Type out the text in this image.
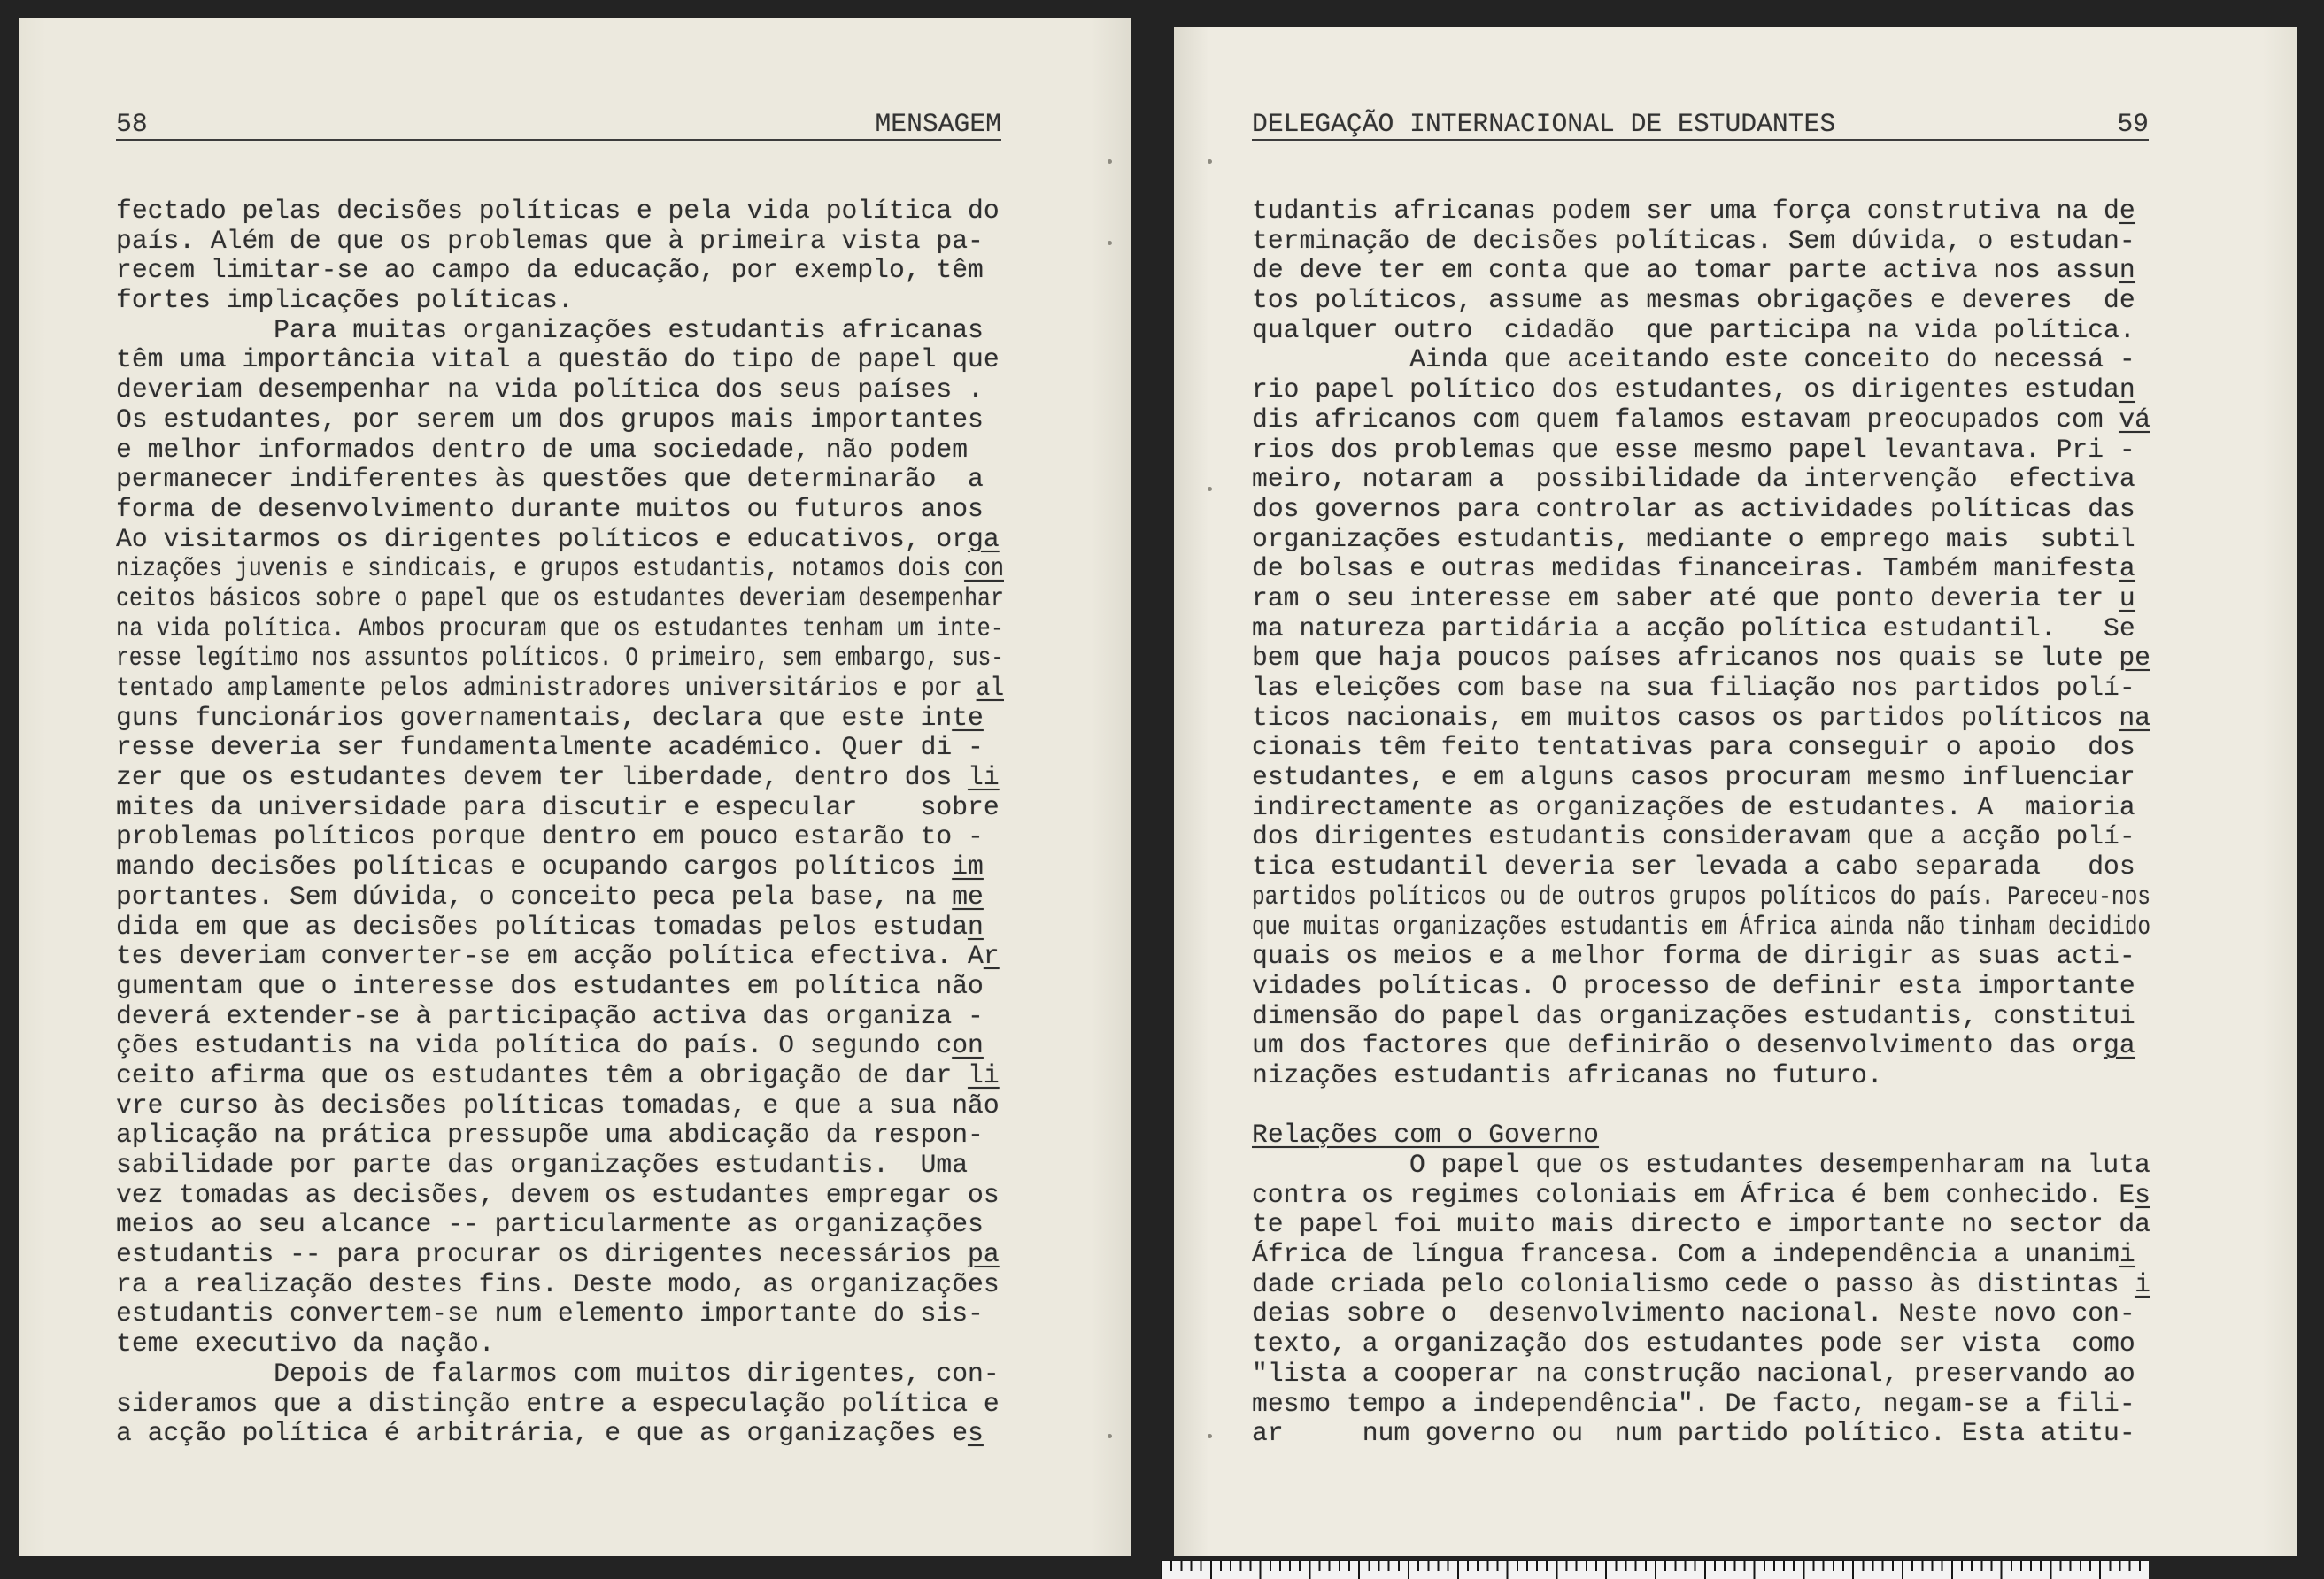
58	MENSAGEM
fectado pelas decisões políticas e pela vida política do
país. Além de que os problemas que à primeira vista pa-
recem limitar-se ao campo da educação, por exemplo, têm
fortes implicações políticas.
Para muitas organizações estudantis africanas
têm uma importância vital a questão do tipo de papel que
deveriam desempenhar na vida política dos seus países .
Os estudantes, por serem um dos grupos mais importantes
e melhor informados dentro de uma sociedade, não podem
permanecer indiferentes às questões que determinarão  a
forma de desenvolvimento durante muitos ou futuros anos
Ao visitarmos os dirigentes políticos e educativos, orga
nizações juvenis e sindicais, e grupos estudantis, notamos dois con
ceitos básicos sobre o papel que os estudantes deveriam desempenhar
na vida política. Ambos procuram que os estudantes tenham um inte-
resse legítimo nos assuntos políticos. O primeiro, sem embargo, sus-
tentado amplamente pelos administradores universitários e por al
guns funcionários governamentais, declara que este inte
resse deveria ser fundamentalmente académico. Quer di -
zer que os estudantes devem ter liberdade, dentro dos li
mites da universidade para discutir e especular    sobre
problemas políticos porque dentro em pouco estarão to -
mando decisões políticas e ocupando cargos políticos im
portantes. Sem dúvida, o conceito peca pela base, na me
dida em que as decisões políticas tomadas pelos estudan
tes deveriam converter-se em acção política efectiva. Ar
gumentam que o interesse dos estudantes em política não
deverá extender-se à participação activa das organiza -
ções estudantis na vida política do país. O segundo con
ceito afirma que os estudantes têm a obrigação de dar li
vre curso às decisões políticas tomadas, e que a sua não
aplicação na prática pressupõe uma abdicação da respon-
sabilidade por parte das organizações estudantis.  Uma
vez tomadas as decisões, devem os estudantes empregar os
meios ao seu alcance -- particularmente as organizações
estudantis -- para procurar os dirigentes necessários pa
ra a realização destes fins. Deste modo, as organizações
estudantis convertem-se num elemento importante do sis-
teme executivo da nação.
Depois de falarmos com muitos dirigentes, con-
sideramos que a distinção entre a especulação política e
a acção política é arbitrária, e que as organizações es
DELEGAÇÃO INTERNACIONAL DE ESTUDANTES	59
tudantis africanas podem ser uma força construtiva na de
terminação de decisões políticas. Sem dúvida, o estudan-
de deve ter em conta que ao tomar parte activa nos assun
tos políticos, assume as mesmas obrigações e deveres  de
qualquer outro  cidadão  que participa na vida política.
Ainda que aceitando este conceito do necessá -
rio papel político dos estudantes, os dirigentes estudan
dis africanos com quem falamos estavam preocupados com vá
rios dos problemas que esse mesmo papel levantava. Pri -
meiro, notaram a  possibilidade da intervenção  efectiva
dos governos para controlar as actividades políticas das
organizações estudantis, mediante o emprego mais  subtil
de bolsas e outras medidas financeiras. Também manifesta
ram o seu interesse em saber até que ponto deveria ter u
ma natureza partidária a acção política estudantil.   Se
bem que haja poucos países africanos nos quais se lute pe
las eleições com base na sua filiação nos partidos polí-
ticos nacionais, em muitos casos os partidos políticos na
cionais têm feito tentativas para conseguir o apoio  dos
estudantes, e em alguns casos procuram mesmo influenciar
indirectamente as organizações de estudantes. A  maioria
dos dirigentes estudantis consideravam que a acção polí-
tica estudantil deveria ser levada a cabo separada   dos
partidos políticos ou de outros grupos políticos do país. Pareceu-nos
que muitas organizações estudantis em África ainda não tinham decidido
quais os meios e a melhor forma de dirigir as suas acti-
vidades políticas. O processo de definir esta importante
dimensão do papel das organizações estudantis, constitui
um dos factores que definirão o desenvolvimento das orga
nizações estudantis africanas no futuro.
Relações com o Governo
O papel que os estudantes desempenharam na luta
contra os regimes coloniais em África é bem conhecido. Es
te papel foi muito mais directo e importante no sector da
África de língua francesa. Com a independência a unanimi
dade criada pelo colonialismo cede o passo às distintas i
deias sobre o  desenvolvimento nacional. Neste novo con-
texto, a organização dos estudantes pode ser vista  como
"lista a cooperar na construção nacional, preservando ao
mesmo tempo a independência". De facto, negam-se a fili-
ar     num governo ou  num partido político. Esta atitu-
